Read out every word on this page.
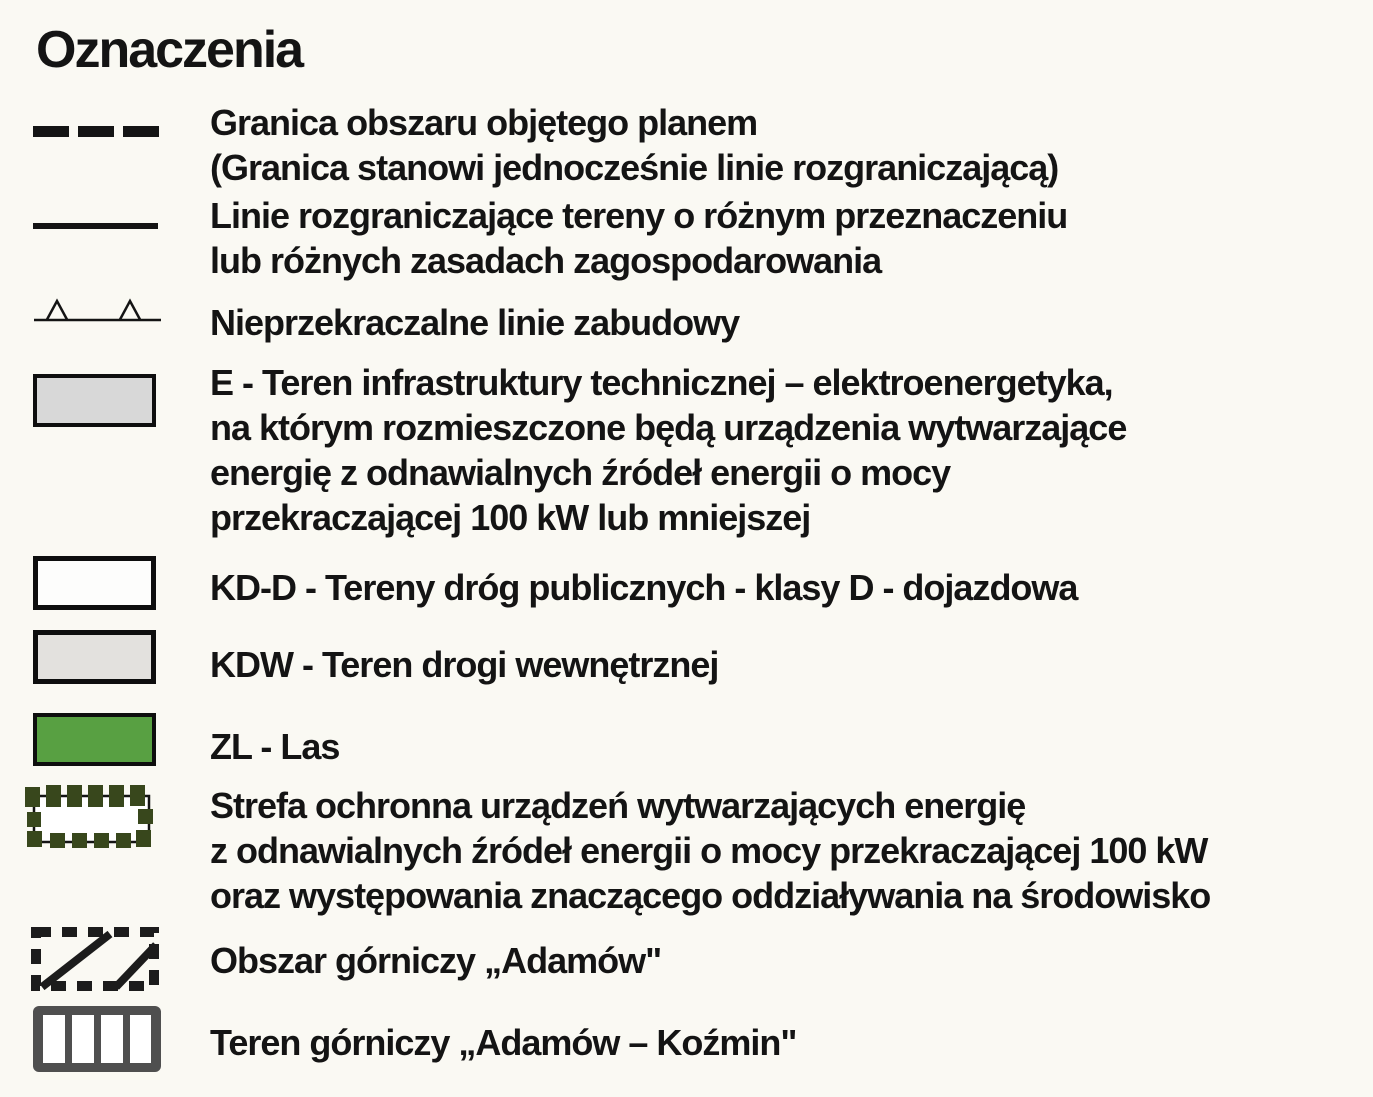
Oznaczenia
Granica obszaru objętego planem
(Granica stanowi jednocześnie linie rozgraniczającą)
Linie rozgraniczające tereny o różnym przeznaczeniu
lub różnych zasadach zagospodarowania
Nieprzekraczalne linie zabudowy
E - Teren infrastruktury technicznej – elektroenergetyka,
na którym rozmieszczone będą urządzenia wytwarzające
energię z odnawialnych źródeł energii o mocy
przekraczającej 100 kW lub mniejszej
KD-D - Tereny dróg publicznych - klasy D - dojazdowa
KDW - Teren drogi wewnętrznej
ZL - Las
Strefa ochronna urządzeń wytwarzających energię
z odnawialnych źródeł energii o mocy przekraczającej 100 kW
oraz występowania znaczącego oddziaływania na środowisko
Obszar górniczy „Adamów"
Teren górniczy „Adamów – Koźmin"
